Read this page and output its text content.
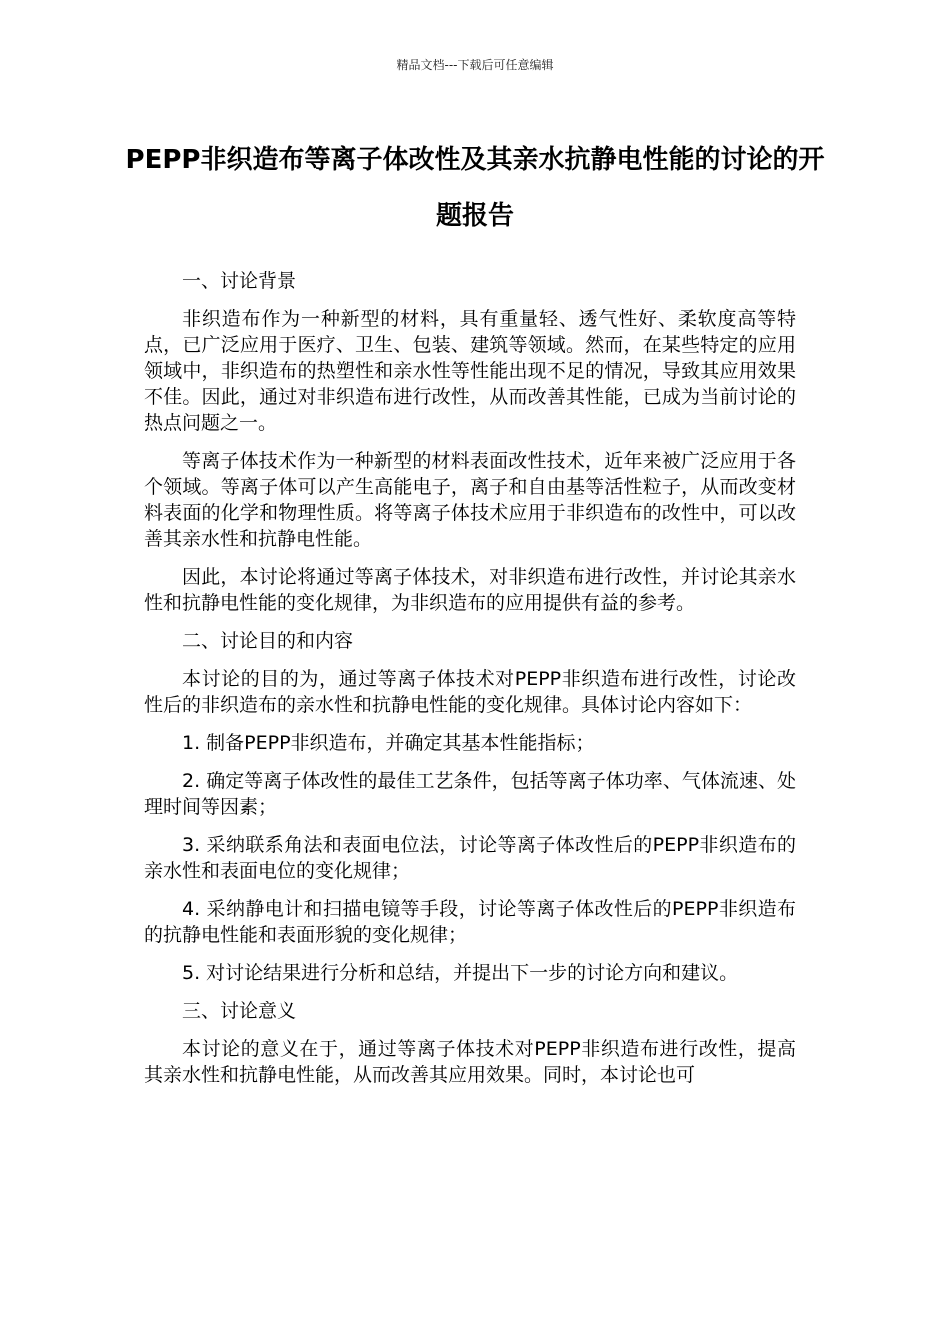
精品文档---下载后可任意编辑
PEPP非织造布等离子体改性及其亲水抗静电性能的讨论的开题报告

一、讨论背景

非织造布作为一种新型的材料，具有重量轻、透气性好、柔软度高等特点，已广泛应用于医疗、卫生、包装、建筑等领域。然而，在某些特定的应用领域中，非织造布的热塑性和亲水性等性能出现不足的情况，导致其应用效果不佳。因此，通过对非织造布进行改性，从而改善其性能，已成为当前讨论的热点问题之一。

等离子体技术作为一种新型的材料表面改性技术，近年来被广泛应用于各个领域。等离子体可以产生高能电子，离子和自由基等活性粒子，从而改变材料表面的化学和物理性质。将等离子体技术应用于非织造布的改性中，可以改善其亲水性和抗静电性能。

因此，本讨论将通过等离子体技术，对非织造布进行改性，并讨论其亲水性和抗静电性能的变化规律，为非织造布的应用提供有益的参考。

二、讨论目的和内容

本讨论的目的为，通过等离子体技术对PEPP非织造布进行改性，讨论改性后的非织造布的亲水性和抗静电性能的变化规律。具体讨论内容如下：

1. 制备PEPP非织造布，并确定其基本性能指标；

2. 确定等离子体改性的最佳工艺条件，包括等离子体功率、气体流速、处理时间等因素；

3. 采纳联系角法和表面电位法，讨论等离子体改性后的PEPP非织造布的亲水性和表面电位的变化规律；

4. 采纳静电计和扫描电镜等手段，讨论等离子体改性后的PEPP非织造布的抗静电性能和表面形貌的变化规律；

5. 对讨论结果进行分析和总结，并提出下一步的讨论方向和建议。

三、讨论意义

本讨论的意义在于，通过等离子体技术对PEPP非织造布进行改性，提高其亲水性和抗静电性能，从而改善其应用效果。同时，本讨论也可
